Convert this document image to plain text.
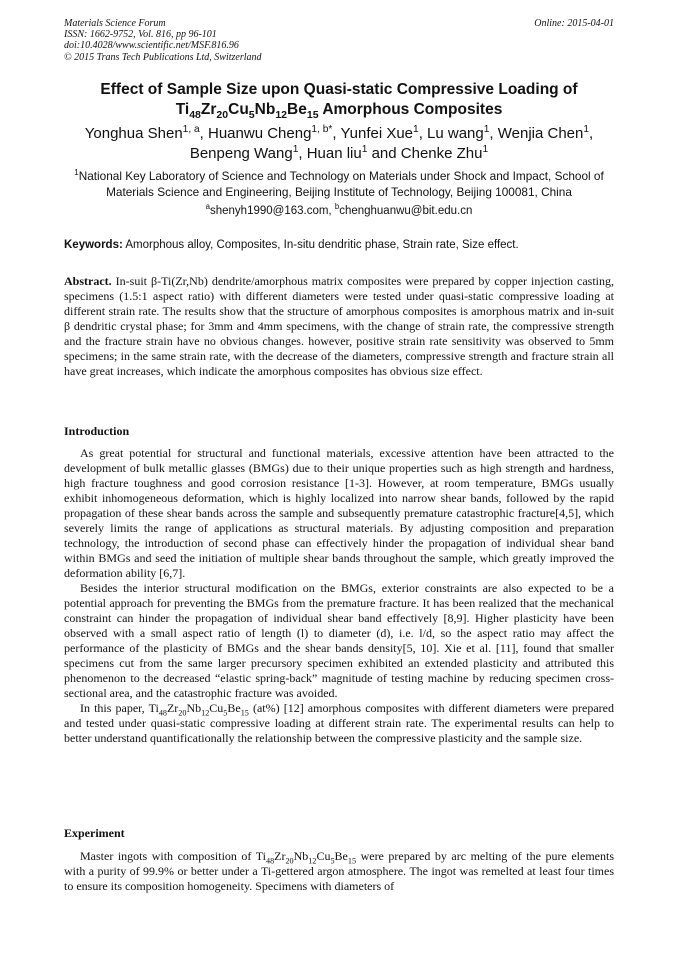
Materials Science Forum
ISSN: 1662-9752, Vol. 816, pp 96-101
doi:10.4028/www.scientific.net/MSF.816.96
© 2015 Trans Tech Publications Ltd, Switzerland
Online: 2015-04-01
Effect of Sample Size upon Quasi-static Compressive Loading of
$Ti_{48}Zr_{20}Cu_5Nb_{12}Be_{15}$ Amorphous Composites
Yonghua Shen$^{1, a}$, Huanwu Cheng$^{1, b*}$, Yunfei Xue$^1$, Lu wang$^1$, Wenjia Chen$^1$,
Benpeng Wang$^1$, Huan liu$^1$ and Chenke Zhu$^1$
$^1$National Key Laboratory of Science and Technology on Materials under Shock and Impact, School of Materials Science and Engineering, Beijing Institute of Technology, Beijing 100081, China
$^a$shenyh1990@163.com, $^b$chenghuanwu@bit.edu.cn
Keywords: Amorphous alloy, Composites, In-situ dendritic phase, Strain rate, Size effect.
Abstract. In-suit β-Ti(Zr,Nb) dendrite/amorphous matrix composites were prepared by copper injection casting, specimens (1.5:1 aspect ratio) with different diameters were tested under quasi-static compressive loading at different strain rate. The results show that the structure of amorphous composites is amorphous matrix and in-suit β dendritic crystal phase; for 3mm and 4mm specimens, with the change of strain rate, the compressive strength and the fracture strain have no obvious changes. however, positive strain rate sensitivity was observed to 5mm specimens; in the same strain rate, with the decrease of the diameters, compressive strength and fracture strain all have great increases, which indicate the amorphous composites has obvious size effect.
Introduction

As great potential for structural and functional materials, excessive attention have been attracted to the development of bulk metallic glasses (BMGs) due to their unique properties such as high strength and hardness, high fracture toughness and good corrosion resistance [1-3]. However, at room temperature, BMGs usually exhibit inhomogeneous deformation, which is highly localized into narrow shear bands, followed by the rapid propagation of these shear bands across the sample and subsequently premature catastrophic fracture[4,5], which severely limits the range of applications as structural materials. By adjusting composition and preparation technology, the introduction of second phase can effectively hinder the propagation of individual shear band within BMGs and seed the initiation of multiple shear bands throughout the sample, which greatly improved the deformation ability [6,7].

Besides the interior structural modification on the BMGs, exterior constraints are also expected to be a potential approach for preventing the BMGs from the premature fracture. It has been realized that the mechanical constraint can hinder the propagation of individual shear band effectively [8,9]. Higher plasticity have been observed with a small aspect ratio of length (l) to diameter (d), i.e. l/d, so the aspect ratio may affect the performance of the plasticity of BMGs and the shear bands density[5, 10]. Xie et al. [11], found that smaller specimens cut from the same larger precursory specimen exhibited an extended plasticity and attributed this phenomenon to the decreased “elastic spring-back” magnitude of testing machine by reducing specimen cross-sectional area, and the catastrophic fracture was avoided.

In this paper, $Ti_{48}Zr_{20}Nb_{12}Cu_5Be_{15}$ (at%) [12] amorphous composites with different diameters were prepared and tested under quasi-static compressive loading at different strain rate. The experimental results can help to better understand quantificationally the relationship between the compressive plasticity and the sample size.

Experiment

Master ingots with composition of $Ti_{48}Zr_{20}Nb_{12}Cu_5Be_{15}$ were prepared by arc melting of the pure elements with a purity of 99.9% or better under a Ti-gettered argon atmosphere. The ingot was remelted at least four times to ensure its composition homogeneity. Specimens with diameters of
